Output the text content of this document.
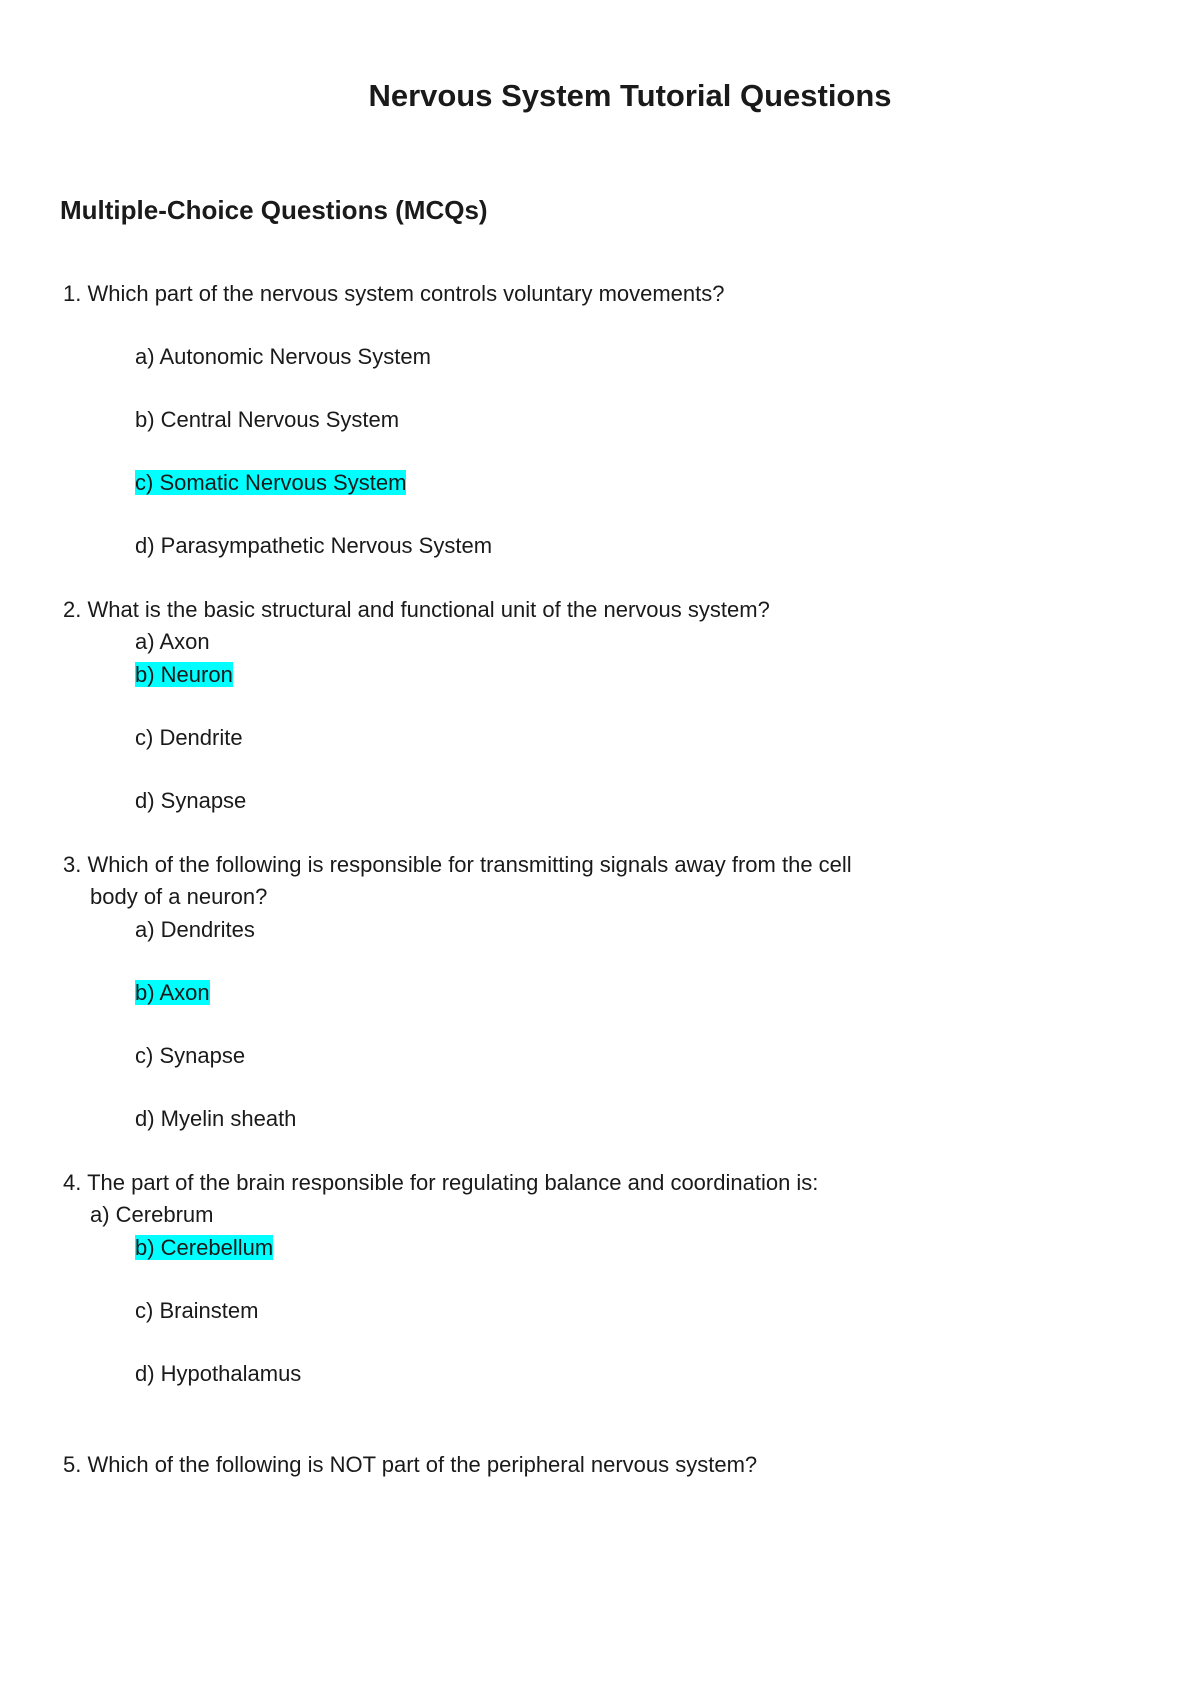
Nervous System Tutorial Questions
Multiple-Choice Questions (MCQs)
1. Which part of the nervous system controls voluntary movements?
a) Autonomic Nervous System
b) Central Nervous System
c) Somatic Nervous System
d) Parasympathetic Nervous System
2. What is the basic structural and functional unit of the nervous system?
a) Axon
b) Neuron
c) Dendrite
d) Synapse
3. Which of the following is responsible for transmitting signals away from the cell
body of a neuron?
a) Dendrites
b) Axon
c) Synapse
d) Myelin sheath
4. The part of the brain responsible for regulating balance and coordination is:
a) Cerebrum
b) Cerebellum
c) Brainstem
d) Hypothalamus
5. Which of the following is NOT part of the peripheral nervous system?
